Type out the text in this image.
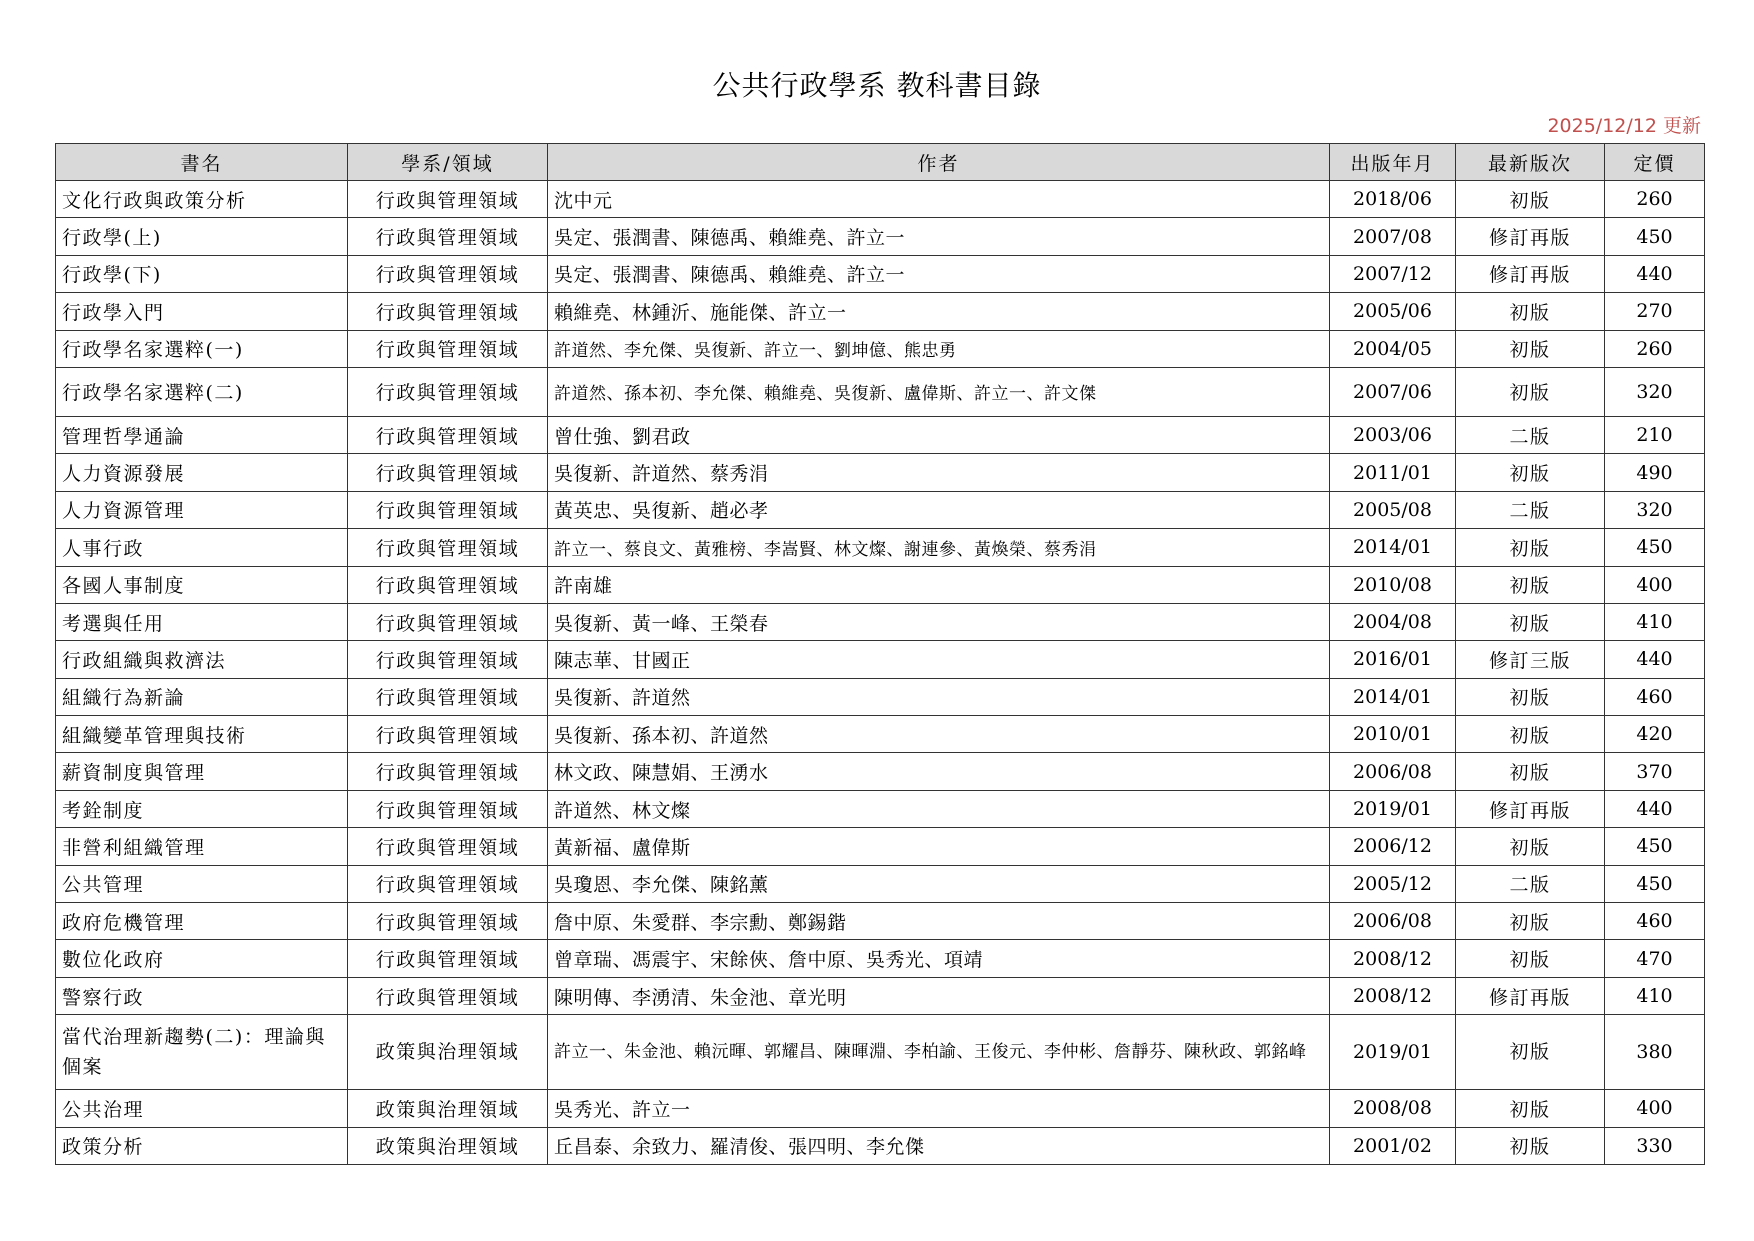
公共行政學系 教科書目錄
2025/12/12 更新
書名	學系/領域	作者	出版年月	最新版次	定價
文化行政與政策分析	行政與管理領域	沈中元	2018/06	初版	260
行政學(上)	行政與管理領域	吳定、張潤書、陳德禹、賴維堯、許立一	2007/08	修訂再版	450
行政學(下)	行政與管理領域	吳定、張潤書、陳德禹、賴維堯、許立一	2007/12	修訂再版	440
行政學入門	行政與管理領域	賴維堯、林鍾沂、施能傑、許立一	2005/06	初版	270
行政學名家選粹(一)	行政與管理領域	許道然、李允傑、吳復新、許立一、劉坤億、熊忠勇	2004/05	初版	260
行政學名家選粹(二)	行政與管理領域	許道然、孫本初、李允傑、賴維堯、吳復新、盧偉斯、許立一、許文傑	2007/06	初版	320
管理哲學通論	行政與管理領域	曾仕強、劉君政	2003/06	二版	210
人力資源發展	行政與管理領域	吳復新、許道然、蔡秀涓	2011/01	初版	490
人力資源管理	行政與管理領域	黃英忠、吳復新、趙必孝	2005/08	二版	320
人事行政	行政與管理領域	許立一、蔡良文、黃雅榜、李嵩賢、林文燦、謝連參、黃煥榮、蔡秀涓	2014/01	初版	450
各國人事制度	行政與管理領域	許南雄	2010/08	初版	400
考選與任用	行政與管理領域	吳復新、黃一峰、王榮春	2004/08	初版	410
行政組織與救濟法	行政與管理領域	陳志華、甘國正	2016/01	修訂三版	440
組織行為新論	行政與管理領域	吳復新、許道然	2014/01	初版	460
組織變革管理與技術	行政與管理領域	吳復新、孫本初、許道然	2010/01	初版	420
薪資制度與管理	行政與管理領域	林文政、陳慧娟、王湧水	2006/08	初版	370
考銓制度	行政與管理領域	許道然、林文燦	2019/01	修訂再版	440
非營利組織管理	行政與管理領域	黃新福、盧偉斯	2006/12	初版	450
公共管理	行政與管理領域	吳瓊恩、李允傑、陳銘薰	2005/12	二版	450
政府危機管理	行政與管理領域	詹中原、朱愛群、李宗勳、鄭錫鍇	2006/08	初版	460
數位化政府	行政與管理領域	曾章瑞、馮震宇、宋餘俠、詹中原、吳秀光、項靖	2008/12	初版	470
警察行政	行政與管理領域	陳明傳、李湧清、朱金池、章光明	2008/12	修訂再版	410
當代治理新趨勢(二)：理論與個案	政策與治理領域	許立一、朱金池、賴沅暉、郭耀昌、陳暉淵、李柏諭、王俊元、李仲彬、詹靜芬、陳秋政、郭銘峰	2019/01	初版	380
公共治理	政策與治理領域	吳秀光、許立一	2008/08	初版	400
政策分析	政策與治理領域	丘昌泰、余致力、羅清俊、張四明、李允傑	2001/02	初版	330
